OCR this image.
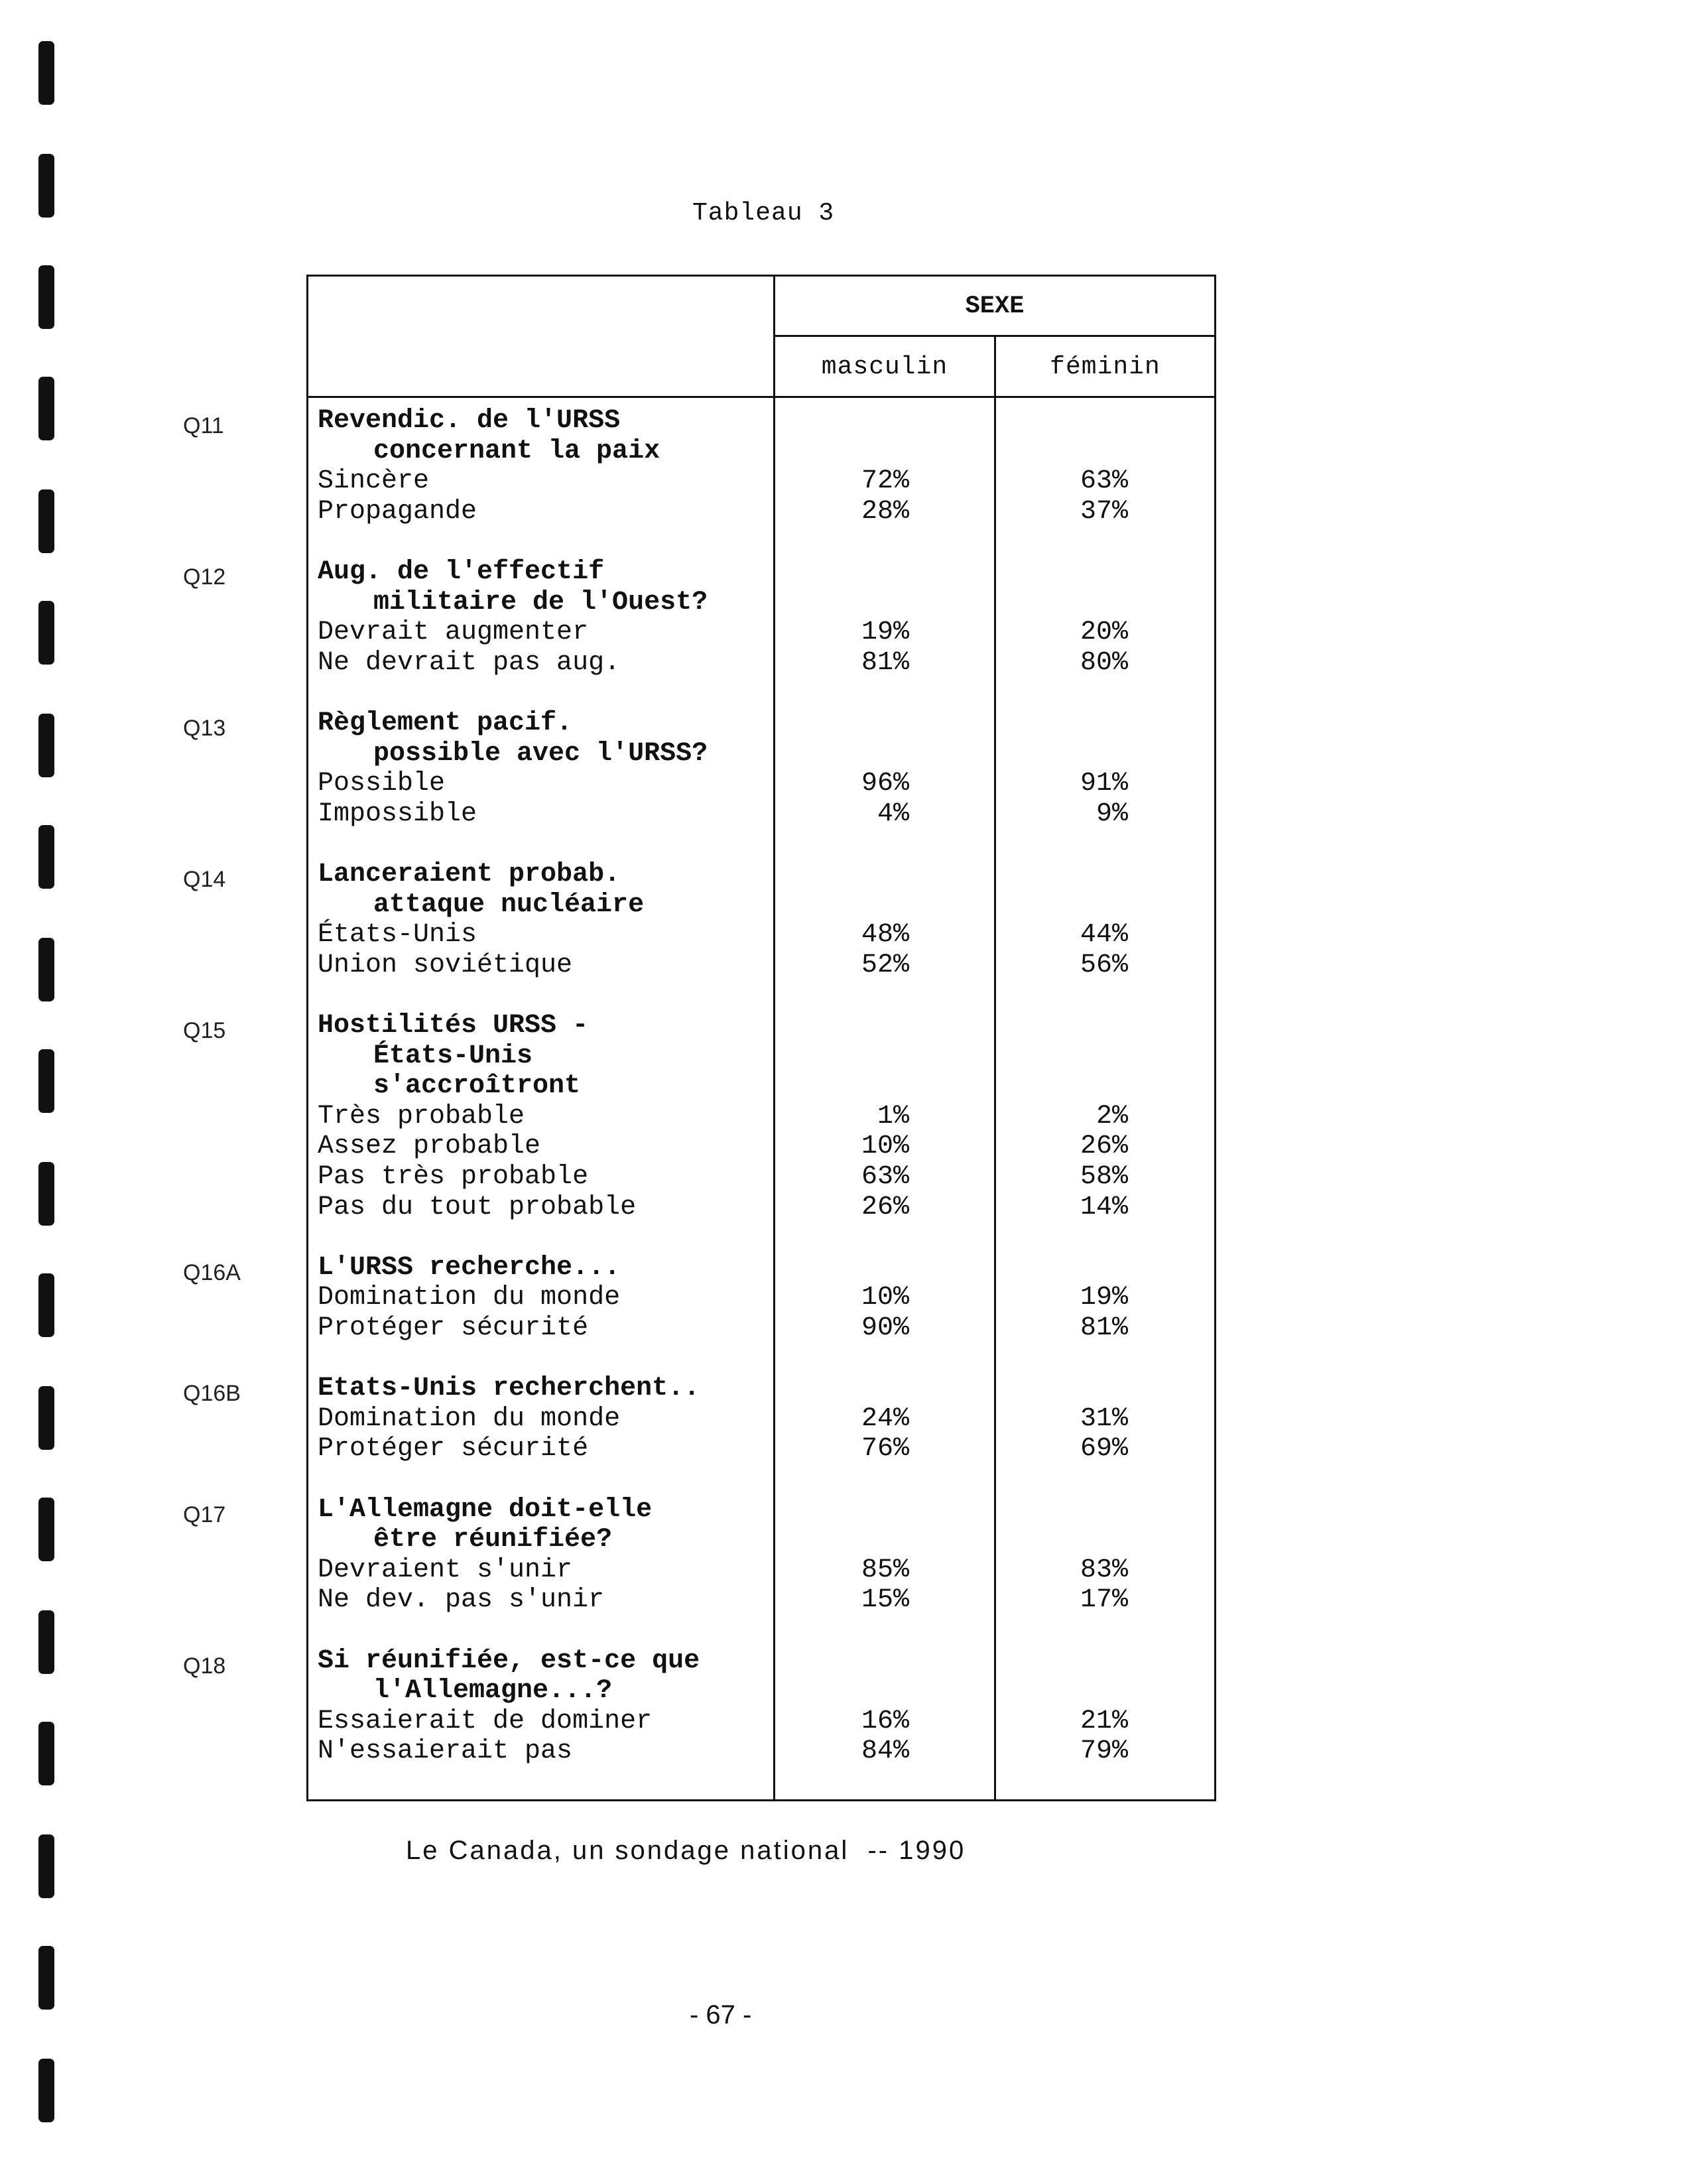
Tableau 3
Q11
Q12
Q13
Q14
Q15
Q16A
Q16B
Q17
Q18
SEXE
masculin	féminin
Revendic. de l'URSS
concernant la paix
Sincère	72%	63%
Propagande	28%	37%
Aug. de l'effectif
militaire de l'Ouest?
Devrait augmenter	19%	20%
Ne devrait pas aug.	81%	80%
Règlement pacif.
possible avec l'URSS?
Possible	96%	91%
Impossible	4%	9%
Lanceraient probab.
attaque nucléaire
États-Unis	48%	44%
Union soviétique	52%	56%
Hostilités URSS -
États-Unis
s'accroîtront
Très probable	1%	2%
Assez probable	10%	26%
Pas très probable	63%	58%
Pas du tout probable	26%	14%
L'URSS recherche...
Domination du monde	10%	19%
Protéger sécurité	90%	81%
Etats-Unis recherchent..
Domination du monde	24%	31%
Protéger sécurité	76%	69%
L'Allemagne doit-elle
être réunifiée?
Devraient s'unir	85%	83%
Ne dev. pas s'unir	15%	17%
Si réunifiée, est-ce que
l'Allemagne...?
Essaierait de dominer	16%	21%
N'essaierait pas	84%	79%
Le Canada, un sondage national  -- 1990
- 67 -
